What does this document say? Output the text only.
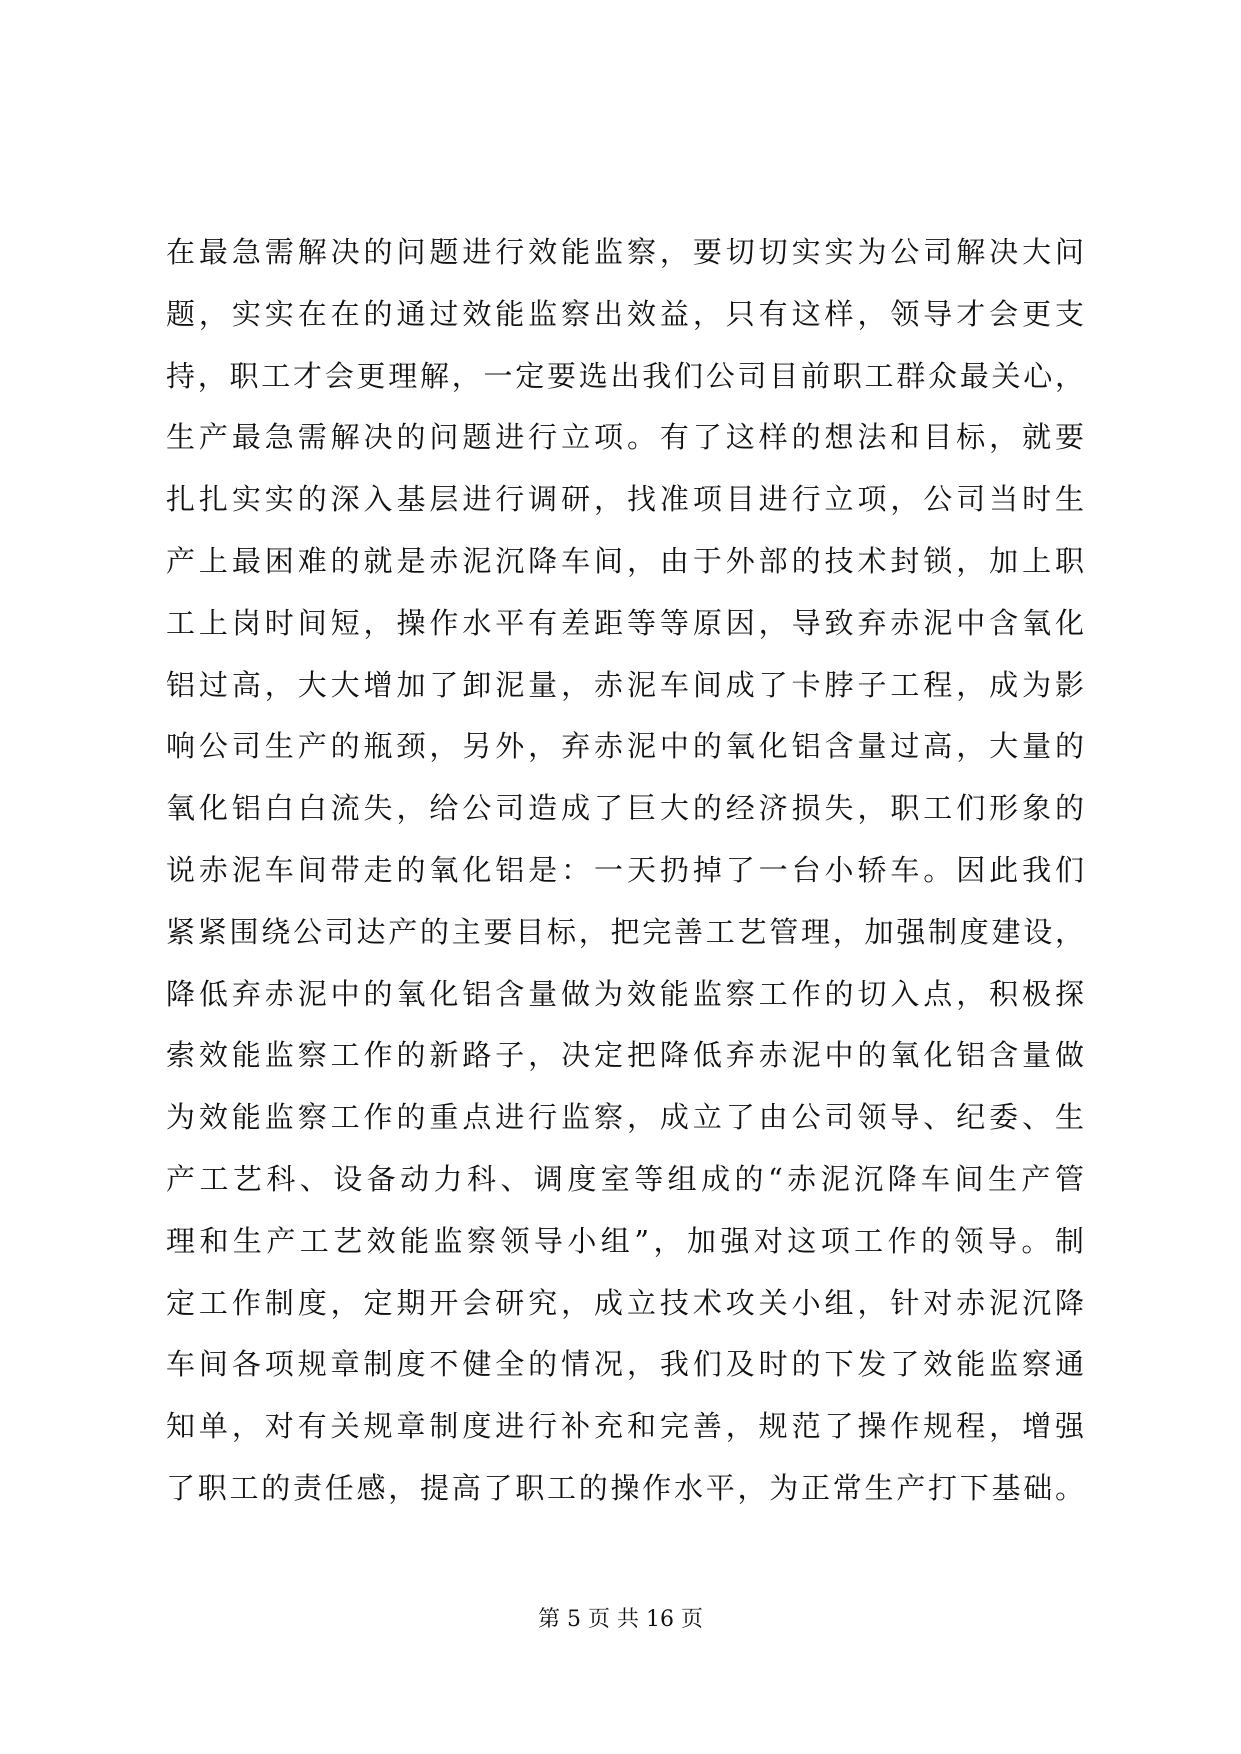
在最急需解决的问题进行效能监察，要切切实实为公司解决大问
题，实实在在的通过效能监察出效益，只有这样，领导才会更支
持，职工才会更理解，一定要选出我们公司目前职工群众最关心，
生产最急需解决的问题进行立项。有了这样的想法和目标，就要
扎扎实实的深入基层进行调研，找准项目进行立项，公司当时生
产上最困难的就是赤泥沉降车间，由于外部的技术封锁，加上职
工上岗时间短，操作水平有差距等等原因，导致弃赤泥中含氧化
铝过高，大大增加了卸泥量，赤泥车间成了卡脖子工程，成为影
响公司生产的瓶颈，另外，弃赤泥中的氧化铝含量过高，大量的
氧化铝白白流失，给公司造成了巨大的经济损失，职工们形象的
说赤泥车间带走的氧化铝是：一天扔掉了一台小轿车。因此我们
紧紧围绕公司达产的主要目标，把完善工艺管理，加强制度建设，
降低弃赤泥中的氧化铝含量做为效能监察工作的切入点，积极探
索效能监察工作的新路子，决定把降低弃赤泥中的氧化铝含量做
为效能监察工作的重点进行监察，成立了由公司领导、纪委、生
产工艺科、设备动力科、调度室等组成的“赤泥沉降车间生产管
理和生产工艺效能监察领导小组”，加强对这项工作的领导。制
定工作制度，定期开会研究，成立技术攻关小组，针对赤泥沉降
车间各项规章制度不健全的情况，我们及时的下发了效能监察通
知单，对有关规章制度进行补充和完善，规范了操作规程，增强
了职工的责任感，提高了职工的操作水平，为正常生产打下基础。
第 5 页 共 16 页
